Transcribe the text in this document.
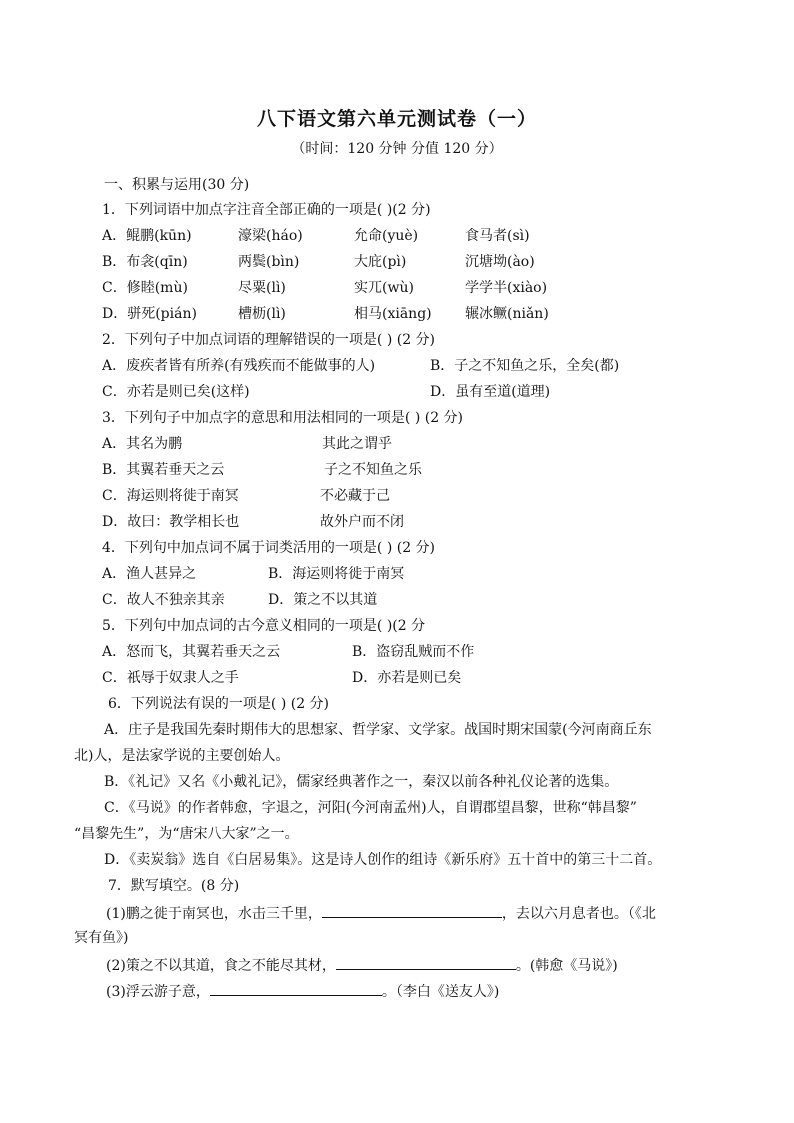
八下语文第六单元测试卷（一）
（时间：120 分钟 分值 120 分）
一、积累与运用(30 分)
1．下列词语中加点字注音全部正确的一项是( )(2 分)
A．鲲鹏(kūn)	濠梁(háo)	允命(yuè)	食马者(sì)
B．布衾(qīn)	两鬓(bìn)	大庇(pì)	沉塘坳(ào)
C．修睦(mù)	尽粟(lì)	实兀(wù)	学学半(xiào)
D．骈死(pián)	槽枥(lì)	相马(xiāng) 辗冰鳜(niǎn)
2．下列句子中加点词语的理解错误的一项是( ) (2 分)
A．废疾者皆有所养(有残疾而不能做事的人)	B．子之不知鱼之乐，全矣(都)
C．亦若是则已矣(这样)	D．虽有至道(道理)
3．下列句子中加点字的意思和用法相同的一项是( ) (2 分)
A．其名为鹏	其此之谓乎
B．其翼若垂天之云	子之不知鱼之乐
C．海运则将徙于南冥	不必藏于己
D．故曰：教学相长也	故外户而不闭
4．下列句中加点词不属于词类活用的一项是( ) (2 分)
A．渔人甚异之	B．海运则将徙于南冥
C．故人不独亲其亲	D．策之不以其道
5．下列句中加点词的古今意义相同的一项是( )(2 分
A．怒而飞，其翼若垂天之云	B．盗窃乱贼而不作
C．祇辱于奴隶人之手	D．亦若是则已矣
6．下列说法有误的一项是( ) (2 分)
A．庄子是我国先秦时期伟大的思想家、哲学家、文学家。战国时期宋国蒙(今河南商丘东
北)人，是法家学说的主要创始人。
B．《礼记》又名《小戴礼记》，儒家经典著作之一，秦汉以前各种礼仪论著的选集。
C．《马说》的作者韩愈，字退之，河阳(今河南孟州)人，自谓郡望昌黎，世称“韩昌黎”
“昌黎先生”，为“唐宋八大家”之一。
D．《卖炭翁》选自《白居易集》。这是诗人创作的组诗《新乐府》五十首中的第三十二首。
7．默写填空。(8 分)
(1)鹏之徙于南冥也，水击三千里，	，去以六月息者也。（《北
冥有鱼》)
(2)策之不以其道，食之不能尽其材，	。(韩愈《马说》)
(3)浮云游子意，	。（李白《送友人》)
